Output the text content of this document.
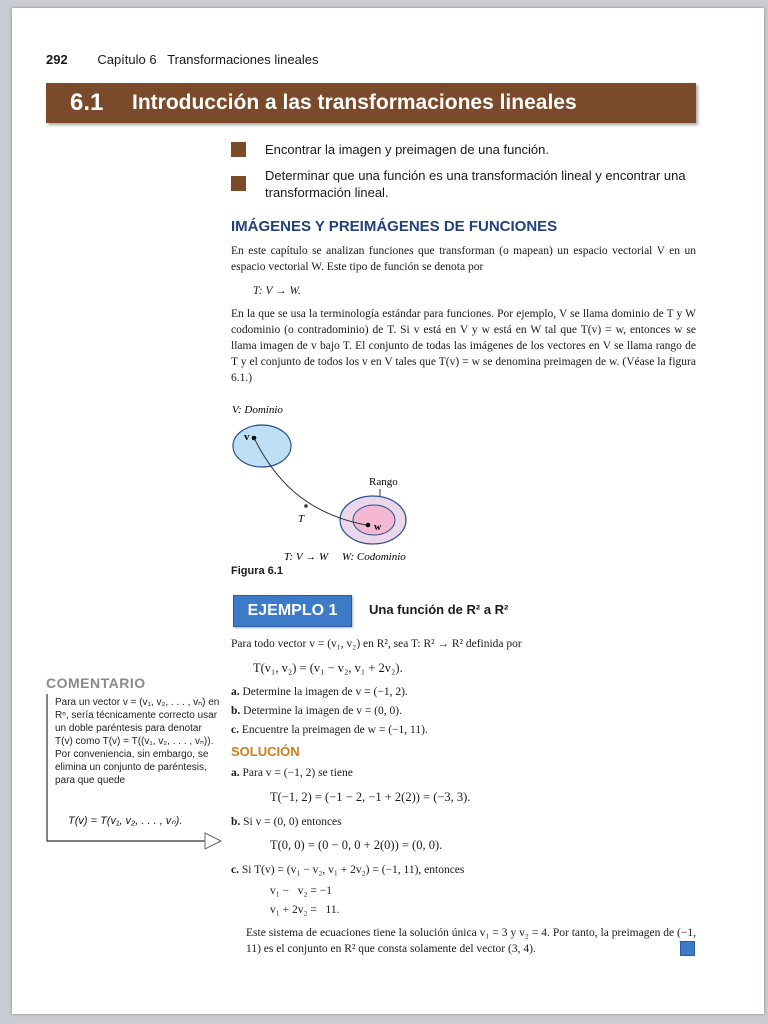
292 Capítulo 6 Transformaciones lineales
6.1 Introducción a las transformaciones lineales
Encontrar la imagen y preimagen de una función.
Determinar que una función es una transformación lineal y encontrar una transformación lineal.
IMÁGENES Y PREIMÁGENES DE FUNCIONES
En este capítulo se analizan funciones que transforman (o mapean) un espacio vectorial V en un espacio vectorial W. Este tipo de función se denota por
T: V → W.
En la que se usa la terminología estándar para funciones. Por ejemplo, V se llama dominio de T y W codominio (o contradominio) de T. Si v está en V y w está en W tal que T(v) = w, entonces w se llama imagen de v bajo T. El conjunto de todas las imágenes de los vectores en V se llama rango de T y el conjunto de todos los v en V tales que T(v) = w se denomina preimagen de w. (Véase la figura 6.1.)
V: Dominio
v
Rango
w
T
T: V → W W: Codominio
Figura 6.1
EJEMPLO 1	Una función de R² a R²
Para todo vector v = (v₁, v₂) en R², sea T: R² → R² definida por
T(v₁, v₂) = (v₁ − v₂, v₁ + 2v₂).
a. Determine la imagen de v = (−1, 2).
b. Determine la imagen de v = (0, 0).
c. Encuentre la preimagen de w = (−1, 11).
SOLUCIÓN
a. Para v = (−1, 2) se tiene
T(−1, 2) = (−1 − 2, −1 + 2(2)) = (−3, 3).
b. Si v = (0, 0) entonces
T(0, 0) = (0 − 0, 0 + 2(0)) = (0, 0).
c. Si T(v) = (v₁ − v₂, v₁ + 2v₂) = (−1, 11), entonces
v₁ −   v₂ = −1
v₁ + 2v₂ =   11.
Este sistema de ecuaciones tiene la solución única v₁ = 3 y v₂ = 4. Por tanto, la preimagen de (−1, 11) es el conjunto en R² que consta solamente del vector (3, 4).
COMENTARIO
Para un vector v = (v₁, v₂, . . . , vₙ) en Rⁿ, sería técnicamente correcto usar un doble paréntesis para denotar T(v) como T(v) = T((v₁, v₂, . . . , vₙ)). Por conveniencia, sin embargo, se elimina un conjunto de paréntesis, para que quede
T(v) = T(v₁, v₂, . . . , vₙ).
